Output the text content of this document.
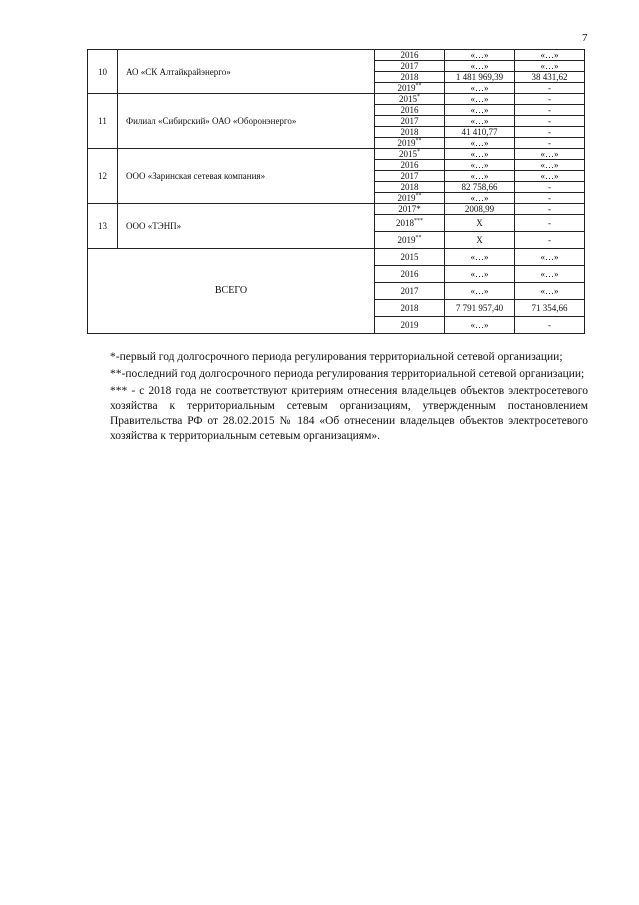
7
10	АО «СК Алтайкрайэнерго»	2016	«…»	«…»
		2017	«…»	«…»
		2018	1 481 969,39	38 431,62
		2019**	«…»	-
11	Филиал «Сибирский» ОАО «Оборонэнерго»	2015*	«…»	-
		2016	«…»	-
		2017	«…»	-
		2018	41 410,77	-
		2019**	«…»	-
12	ООО «Заринская сетевая компания»	2015*	«…»	«…»
		2016	«…»	«…»
		2017	«…»	«…»
		2018	82 758,66	-
		2019**	«…»	-
13	ООО «ТЭНП»	2017*	2008,99	-
		2018***	X	-
		2019**	X	-
ВСЕГО		2015	«…»	«…»
		2016	«…»	«…»
		2017	«…»	«…»
		2018	7 791 957,40	71 354,66
		2019	«…»	-

*-первый год долгосрочного периода регулирования территориальной сетевой организации;

**-последний год долгосрочного периода регулирования территориальной сетевой организации;

*** - с 2018 года не соответствуют критериям отнесения владельцев объектов электросетевого хозяйства к территориальным сетевым организациям, утвержденным постановлением Правительства РФ от 28.02.2015 № 184 «Об отнесении владельцев объектов электросетевого хозяйства к территориальным сетевым организациям».
